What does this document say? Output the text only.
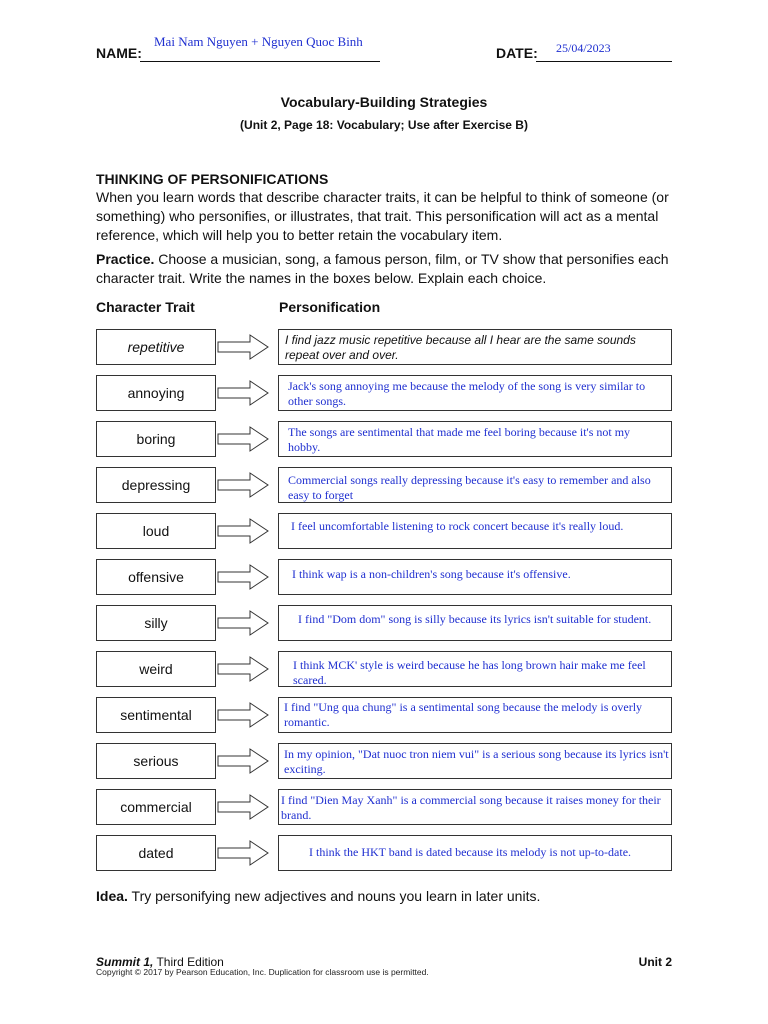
NAME:
Mai Nam Nguyen + Nguyen Quoc Binh
DATE: 25/04/2023
Vocabulary-Building Strategies
(Unit 2, Page 18: Vocabulary; Use after Exercise B)
THINKING OF PERSONIFICATIONS
When you learn words that describe character traits, it can be helpful to think of someone (or something) who personifies, or illustrates, that trait. This personification will act as a mental reference, which will help you to better retain the vocabulary item.
Practice. Choose a musician, song, a famous person, film, or TV show that personifies each character trait. Write the names in the boxes below. Explain each choice.
Character Trait	Personification
repetitive	I find jazz music repetitive because all I hear are the same sounds repeat over and over.
annoying	Jack's song annoying me because the melody of the song is very similar to other songs.
boring	The songs are sentimental that made me feel boring because it's not my hobby.
depressing	Commercial songs really depressing because it's easy to remember and also easy to forget
loud	I feel uncomfortable listening to rock concert because it's really loud.
offensive	I think wap is a non-children's song because it's offensive.
silly	I find "Dom dom" song is silly because its lyrics isn't suitable for student.
weird	I think MCK' style is weird because he has long brown hair make me feel scared.
sentimental	I find "Ung qua chung" is a sentimental song because the melody is overly romantic.
serious	In my opinion, "Dat nuoc tron niem vui" is a serious song because its lyrics isn't exciting.
commercial	I find "Dien May Xanh" is a commercial song because it raises money for their brand.
dated	I think the HKT band is dated because its melody is not up-to-date.
Idea. Try personifying new adjectives and nouns you learn in later units.
Summit 1, Third Edition	Unit 2
Copyright © 2017 by Pearson Education, Inc. Duplication for classroom use is permitted.
